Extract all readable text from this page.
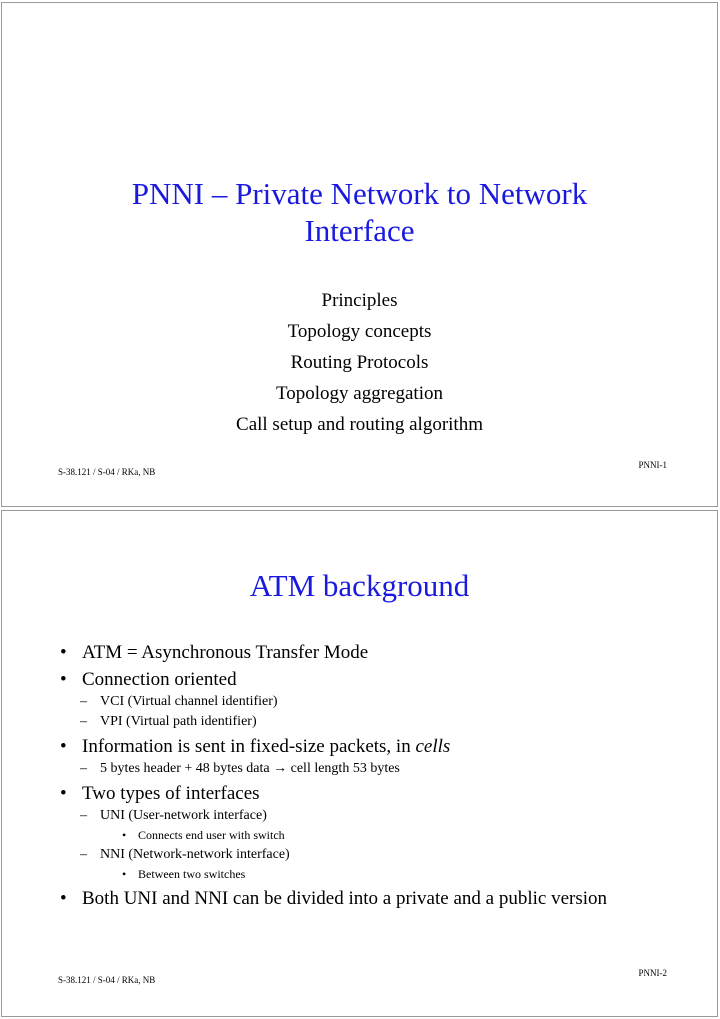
PNNI – Private Network to Network
Interface
Principles
Topology concepts
Routing Protocols
Topology aggregation
Call setup and routing algorithm
S-38.121 / S-04 / RKa, NB
PNNI-1
ATM background
• ATM = Asynchronous Transfer Mode
• Connection oriented
– VCI (Virtual channel identifier)
– VPI (Virtual path identifier)
• Information is sent in fixed-size packets, in cells
– 5 bytes header + 48 bytes data → cell length 53 bytes
• Two types of interfaces
– UNI (User-network interface)
• Connects end user with switch
– NNI (Network-network interface)
• Between two switches
• Both UNI and NNI can be divided into a private and a public version
S-38.121 / S-04 / RKa, NB
PNNI-2
